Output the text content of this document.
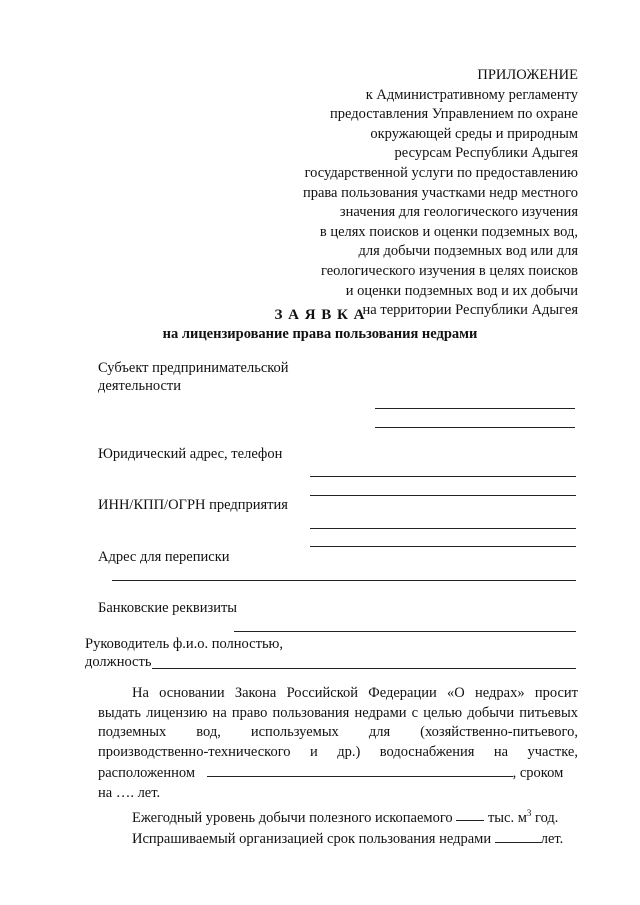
ПРИЛОЖЕНИЕ
к Административному регламенту
предоставления Управлением по охране
окружающей среды и природным
ресурсам Республики Адыгея
государственной услуги по предоставлению
права пользования участками недр местного
значения для геологического изучения
в целях поисков и оценки подземных вод,
для добычи подземных вод или для
геологического изучения в целях поисков
и оценки подземных вод и их добычи
на территории Республики Адыгея
З А Я В К А
на лицензирование права пользования недрами
Субъект предпринимательской
деятельности
Юридический адрес, телефон
ИНН/КПП/ОГРН предприятия
Адрес для переписки
Банковские реквизиты
Руководитель ф.и.о. полностью,
должность
На основании Закона Российской Федерации «О недрах» просит
выдать лицензию на право пользования недрами с целью добычи питьевых
подземных вод, используемых для (хозяйственно-питьевого,
производственно-технического и др.) водоснабжения на участке,
расположенном	, сроком
на …. лет.
Ежегодный уровень добычи полезного ископаемого тыс. $м^3$ год.
Испрашиваемый организацией срок пользования недрами	лет.
